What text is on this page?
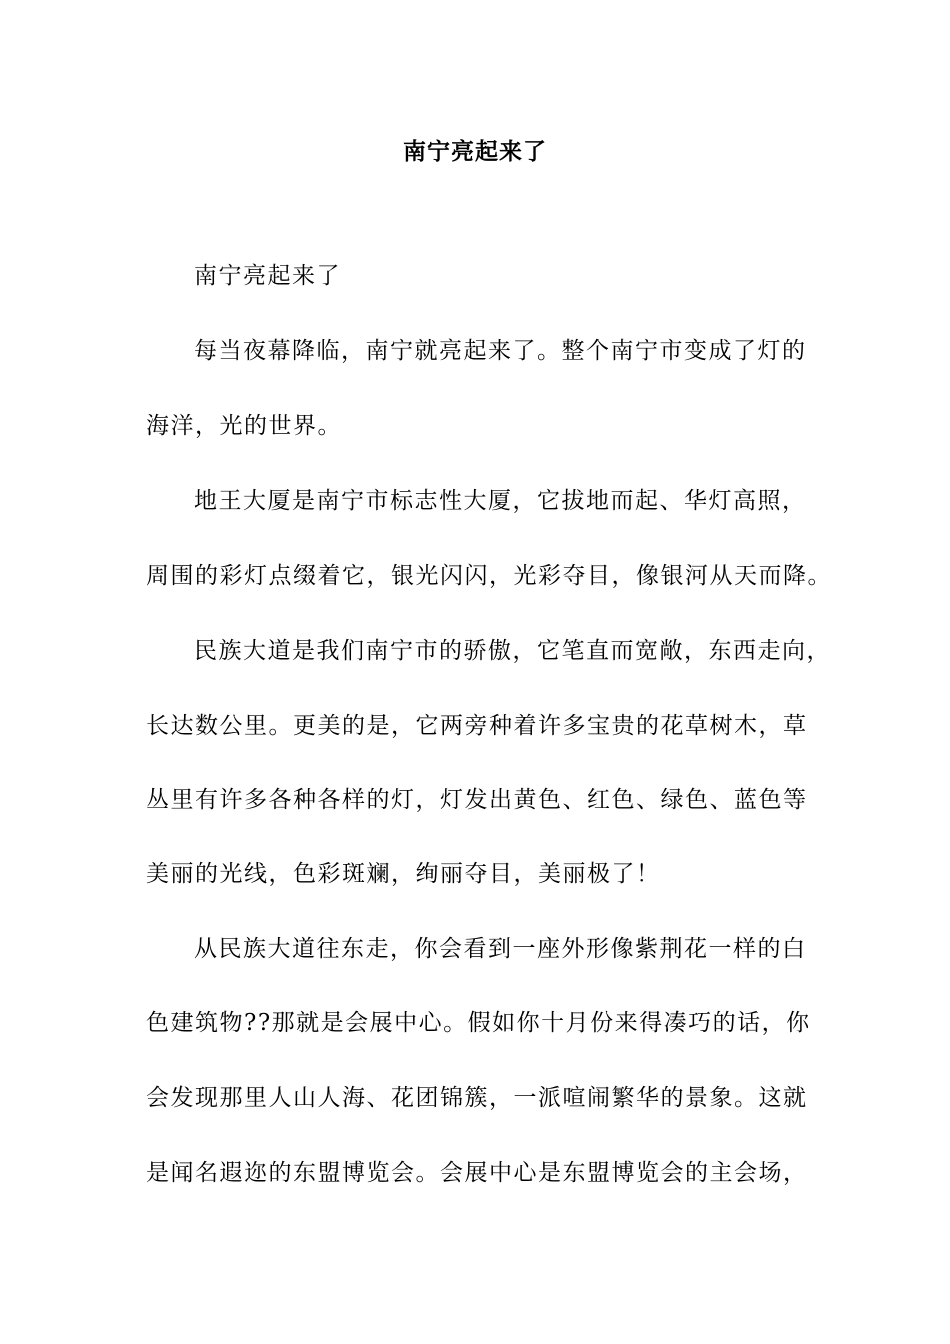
南宁亮起来了
南宁亮起来了
每当夜幕降临，南宁就亮起来了。整个南宁市变成了灯的
海洋，光的世界。
地王大厦是南宁市标志性大厦，它拔地而起、华灯高照，
周围的彩灯点缀着它，银光闪闪，光彩夺目，像银河从天而降。
民族大道是我们南宁市的骄傲，它笔直而宽敞，东西走向，
长达数公里。更美的是，它两旁种着许多宝贵的花草树木，草
丛里有许多各种各样的灯，灯发出黄色、红色、绿色、蓝色等
美丽的光线，色彩斑斓，绚丽夺目，美丽极了！
从民族大道往东走，你会看到一座外形像紫荆花一样的白
色建筑物??那就是会展中心。假如你十月份来得凑巧的话，你
会发现那里人山人海、花团锦簇，一派喧闹繁华的景象。这就
是闻名遐迩的东盟博览会。会展中心是东盟博览会的主会场，
